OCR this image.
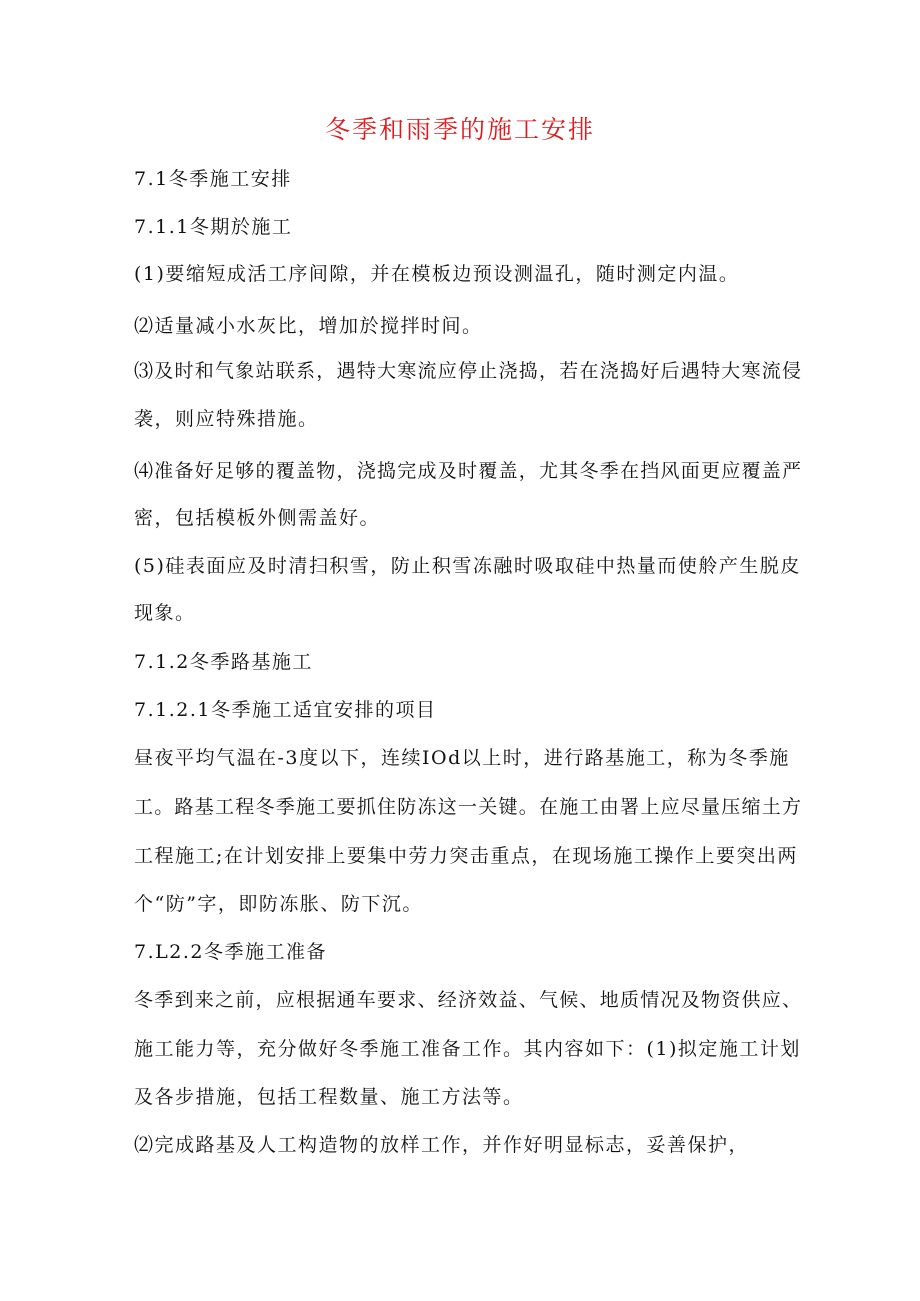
冬季和雨季的施工安排
7.1冬季施工安排
7.1.1冬期於施工
(1)要缩短成活工序间隙，并在模板边预设测温孔，随时测定内温。
⑵适量减小水灰比，增加於搅拌时间。
⑶及时和气象站联系，遇特大寒流应停止浇捣，若在浇捣好后遇特大寒流侵
袭，则应特殊措施。
⑷准备好足够的覆盖物，浇捣完成及时覆盖，尤其冬季在挡风面更应覆盖严
密，包括模板外侧需盖好。
(5)硅表面应及时清扫积雪，防止积雪冻融时吸取硅中热量而使舲产生脱皮
现象。
7.1.2冬季路基施工
7.1.2.1冬季施工适宜安排的项目
昼夜平均气温在-3度以下，连续IOd以上时，进行路基施工，称为冬季施
工。路基工程冬季施工要抓住防冻这一关键。在施工由署上应尽量压缩土方
工程施工;在计划安排上要集中劳力突击重点，在现场施工操作上要突出两
个“防”字，即防冻胀、防下沉。
7.L2.2冬季施工准备
冬季到来之前，应根据通车要求、经济效益、气候、地质情况及物资供应、
施工能力等，充分做好冬季施工准备工作。其内容如下：(1)拟定施工计划
及各步措施，包括工程数量、施工方法等。
⑵完成路基及人工构造物的放样工作，并作好明显标志，妥善保护，
